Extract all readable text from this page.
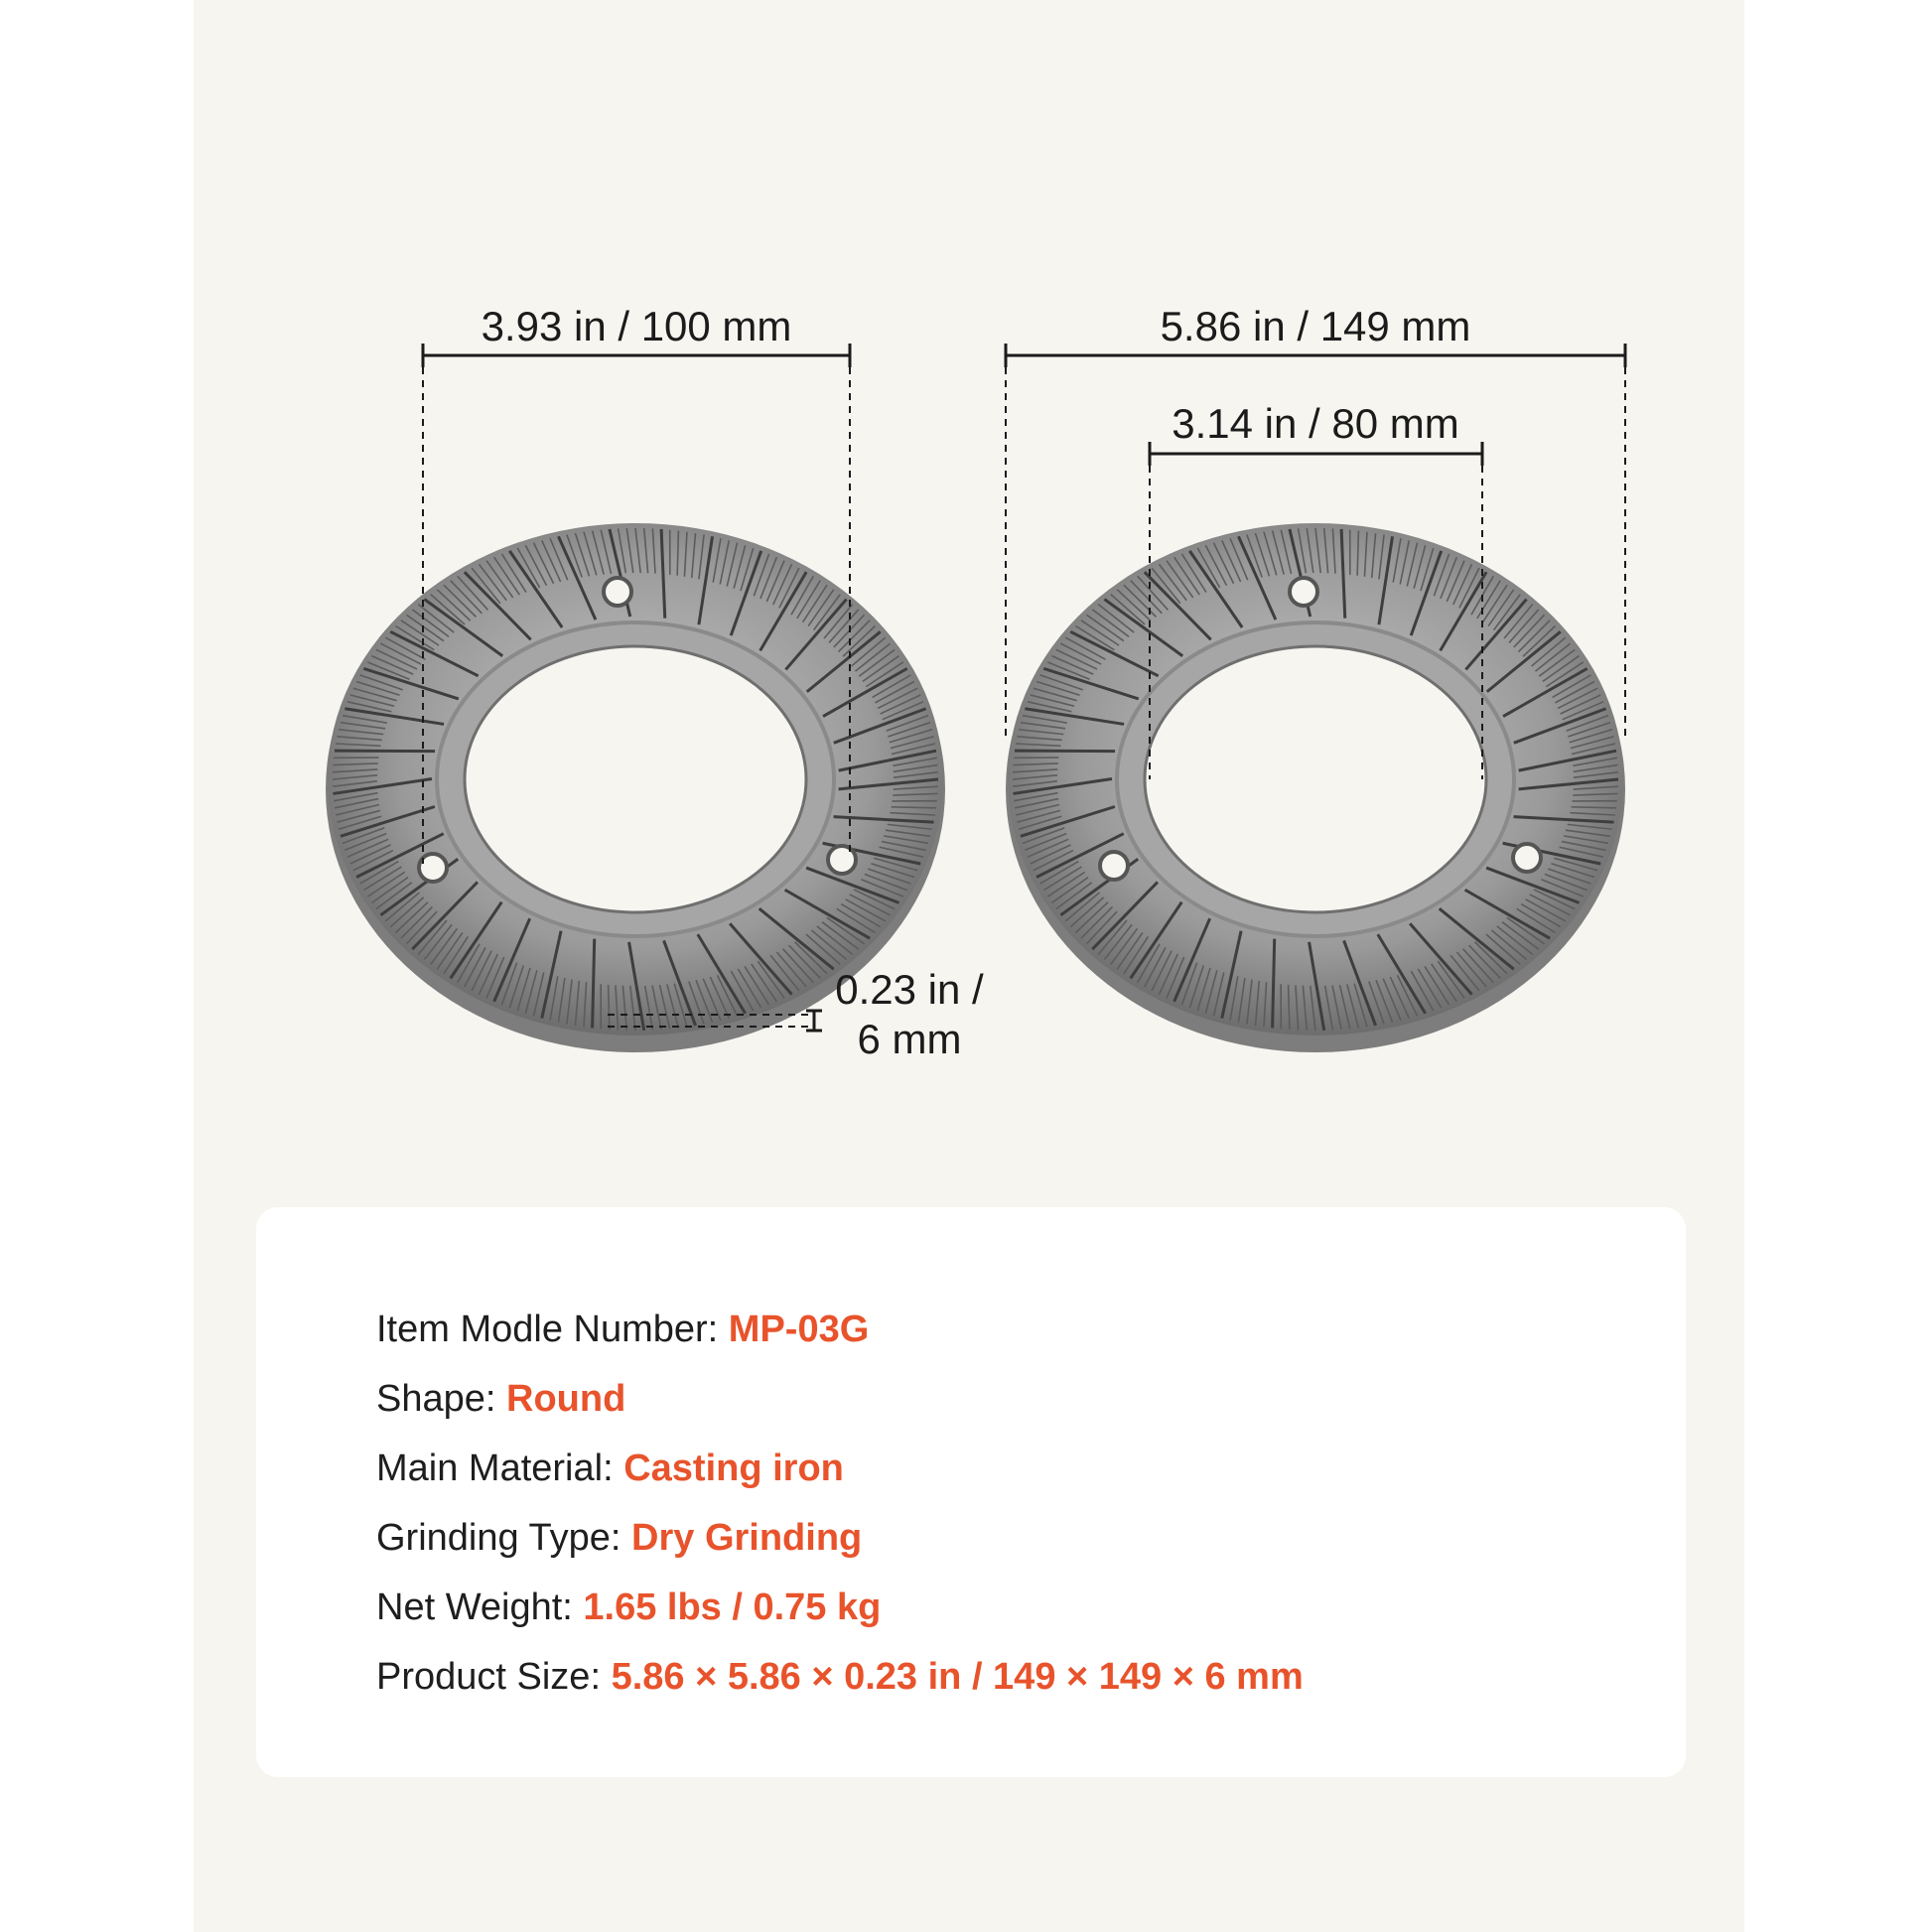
3.93 in / 100 mm	5.86 in / 149 mm
3.14 in / 80 mm
0.23 in /
6 mm
Item Modle Number: MP-03G
Shape: Round
Main Material: Casting iron
Grinding Type: Dry Grinding
Net Weight: 1.65 lbs / 0.75 kg
Product Size: 5.86 × 5.86 × 0.23 in / 149 × 149 × 6 mm
